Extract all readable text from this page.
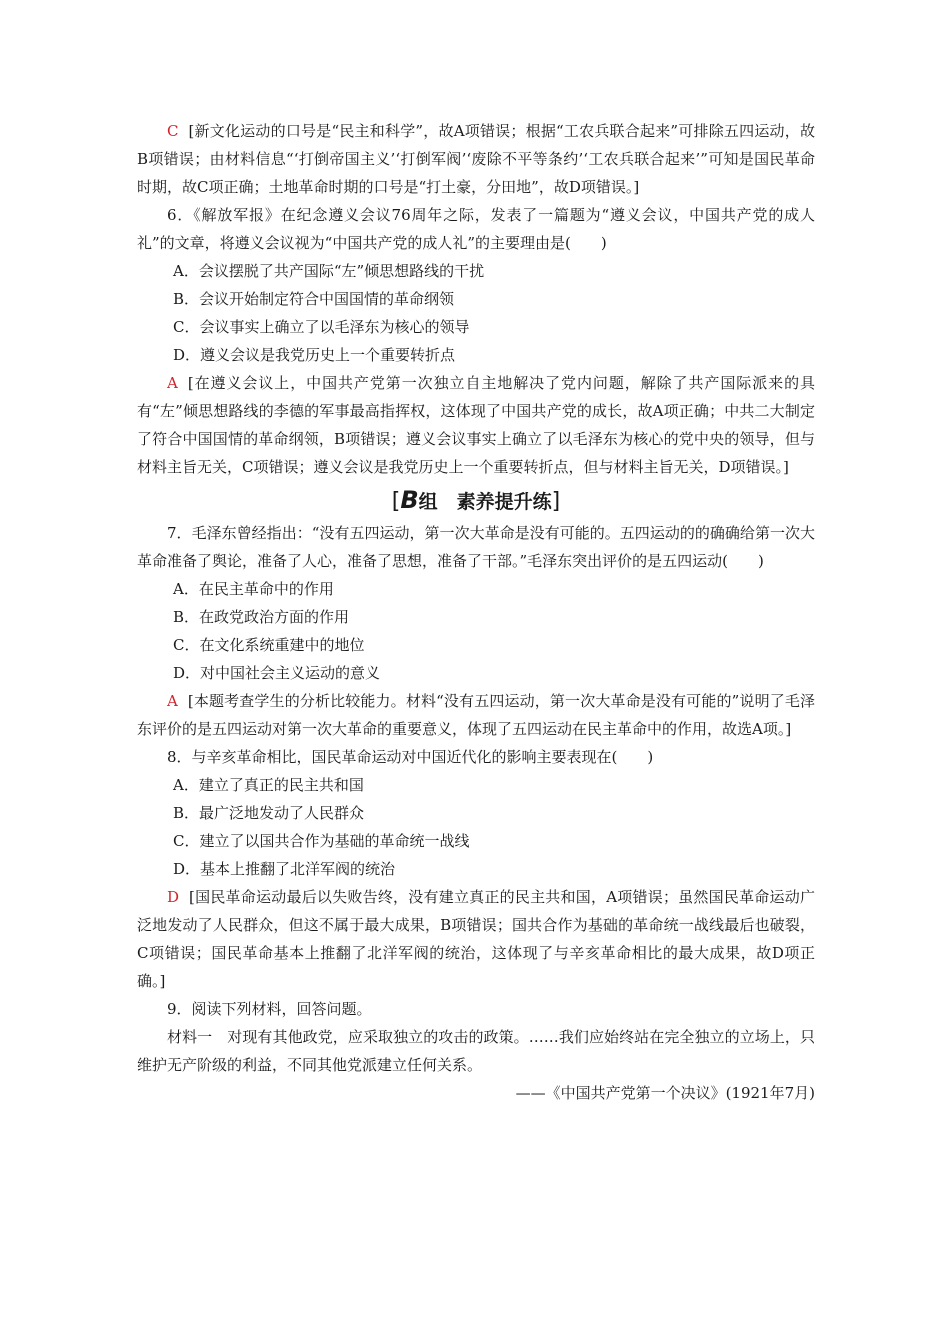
C [新文化运动的口号是“民主和科学”，故A项错误；根据“工农兵联合起来”可排除五四运动，故B项错误；由材料信息“‘打倒帝国主义’‘打倒军阀’‘废除不平等条约’‘工农兵联合起来’”可知是国民革命时期，故C项正确；土地革命时期的口号是“打土豪，分田地”，故D项错误。]

6．《解放军报》在纪念遵义会议76周年之际，发表了一篇题为“遵义会议，中国共产党的成人礼”的文章，将遵义会议视为“中国共产党的成人礼”的主要理由是(　　)

A．会议摆脱了共产国际“左”倾思想路线的干扰

B．会议开始制定符合中国国情的革命纲领

C．会议事实上确立了以毛泽东为核心的领导

D．遵义会议是我党历史上一个重要转折点

A [在遵义会议上，中国共产党第一次独立自主地解决了党内问题，解除了共产国际派来的具有“左”倾思想路线的李德的军事最高指挥权，这体现了中国共产党的成长，故A项正确；中共二大制定了符合中国国情的革命纲领，B项错误；遵义会议事实上确立了以毛泽东为核心的党中央的领导，但与材料主旨无关，C项错误；遵义会议是我党历史上一个重要转折点，但与材料主旨无关，D项错误。]

[B组　素养提升练]

7．毛泽东曾经指出：“没有五四运动，第一次大革命是没有可能的。五四运动的的确确给第一次大革命准备了舆论，准备了人心，准备了思想，准备了干部。”毛泽东突出评价的是五四运动(　　)

A．在民主革命中的作用

B．在政党政治方面的作用

C．在文化系统重建中的地位

D．对中国社会主义运动的意义

A [本题考查学生的分析比较能力。材料“没有五四运动，第一次大革命是没有可能的”说明了毛泽东评价的是五四运动对第一次大革命的重要意义，体现了五四运动在民主革命中的作用，故选A项。]

8．与辛亥革命相比，国民革命运动对中国近代化的影响主要表现在(　　)

A．建立了真正的民主共和国

B．最广泛地发动了人民群众

C．建立了以国共合作为基础的革命统一战线

D．基本上推翻了北洋军阀的统治

D [国民革命运动最后以失败告终，没有建立真正的民主共和国，A项错误；虽然国民革命运动广泛地发动了人民群众，但这不属于最大成果，B项错误；国共合作为基础的革命统一战线最后也破裂，C项错误；国民革命基本上推翻了北洋军阀的统治，这体现了与辛亥革命相比的最大成果，故D项正确。]

9．阅读下列材料，回答问题。

材料一　对现有其他政党，应采取独立的攻击的政策。……我们应始终站在完全独立的立场上，只维护无产阶级的利益，不同其他党派建立任何关系。

——《中国共产党第一个决议》(1921年7月)
